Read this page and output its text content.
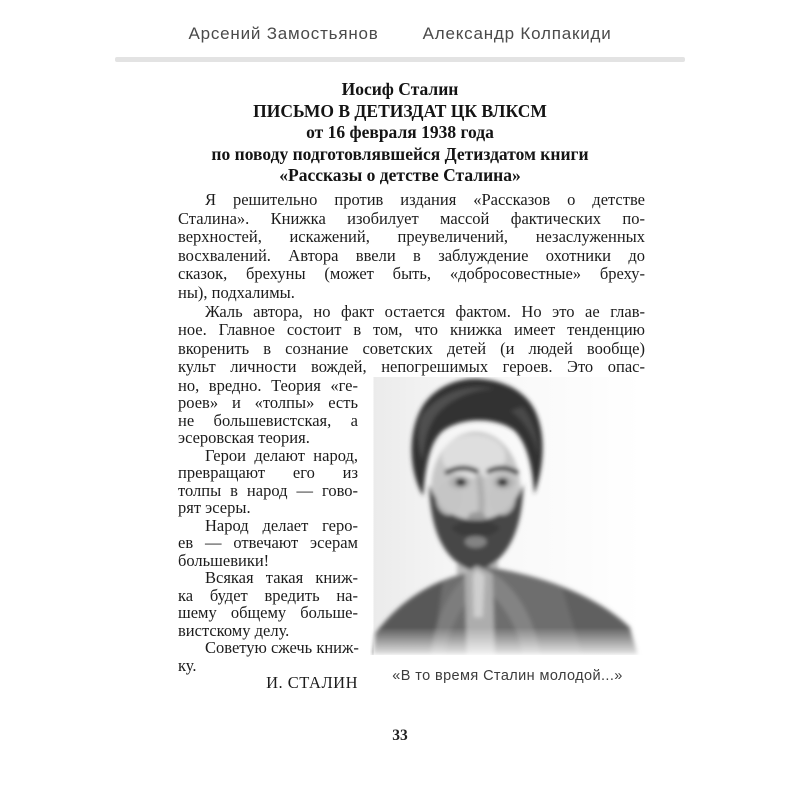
Арсений Замостьянов	Александр Колпакиди
Иосиф Сталин
ПИСЬМО В ДЕТИЗДАТ ЦК ВЛКСМ
от 16 февраля 1938 года
по поводу подготовлявшейся Детиздатом книги
«Рассказы о детстве Сталина»
Я решительно против издания «Рассказов о детстве
Сталина». Книжка изобилует массой фактических по-
верхностей, искажений, преувеличений, незаслуженных
восхвалений. Автора ввели в заблуждение охотники до
сказок, брехуны (может быть, «добросовестные» бреху-
ны), подхалимы.
Жаль автора, но факт остается фактом. Но это ае глав-
ное. Главное состоит в том, что книжка имеет тенденцию
вкоренить в сознание советских детей (и людей вообще)
культ личности вождей, непогрешимых героев. Это опас-
но, вредно. Теория «ге-
роев» и «толпы» есть
не большевистская, а
эсеровская теория.
Герои делают народ,
превращают его из
толпы в народ — гово-
рят эсеры.
Народ делает геро-
ев — отвечают эсерам
большевики!
Всякая такая книж-
ка будет вредить на-
шему общему больше-
вистскому делу.
Советую сжечь книж-
ку.
И. СТАЛИН	«В то время Сталин молодой...»
33
